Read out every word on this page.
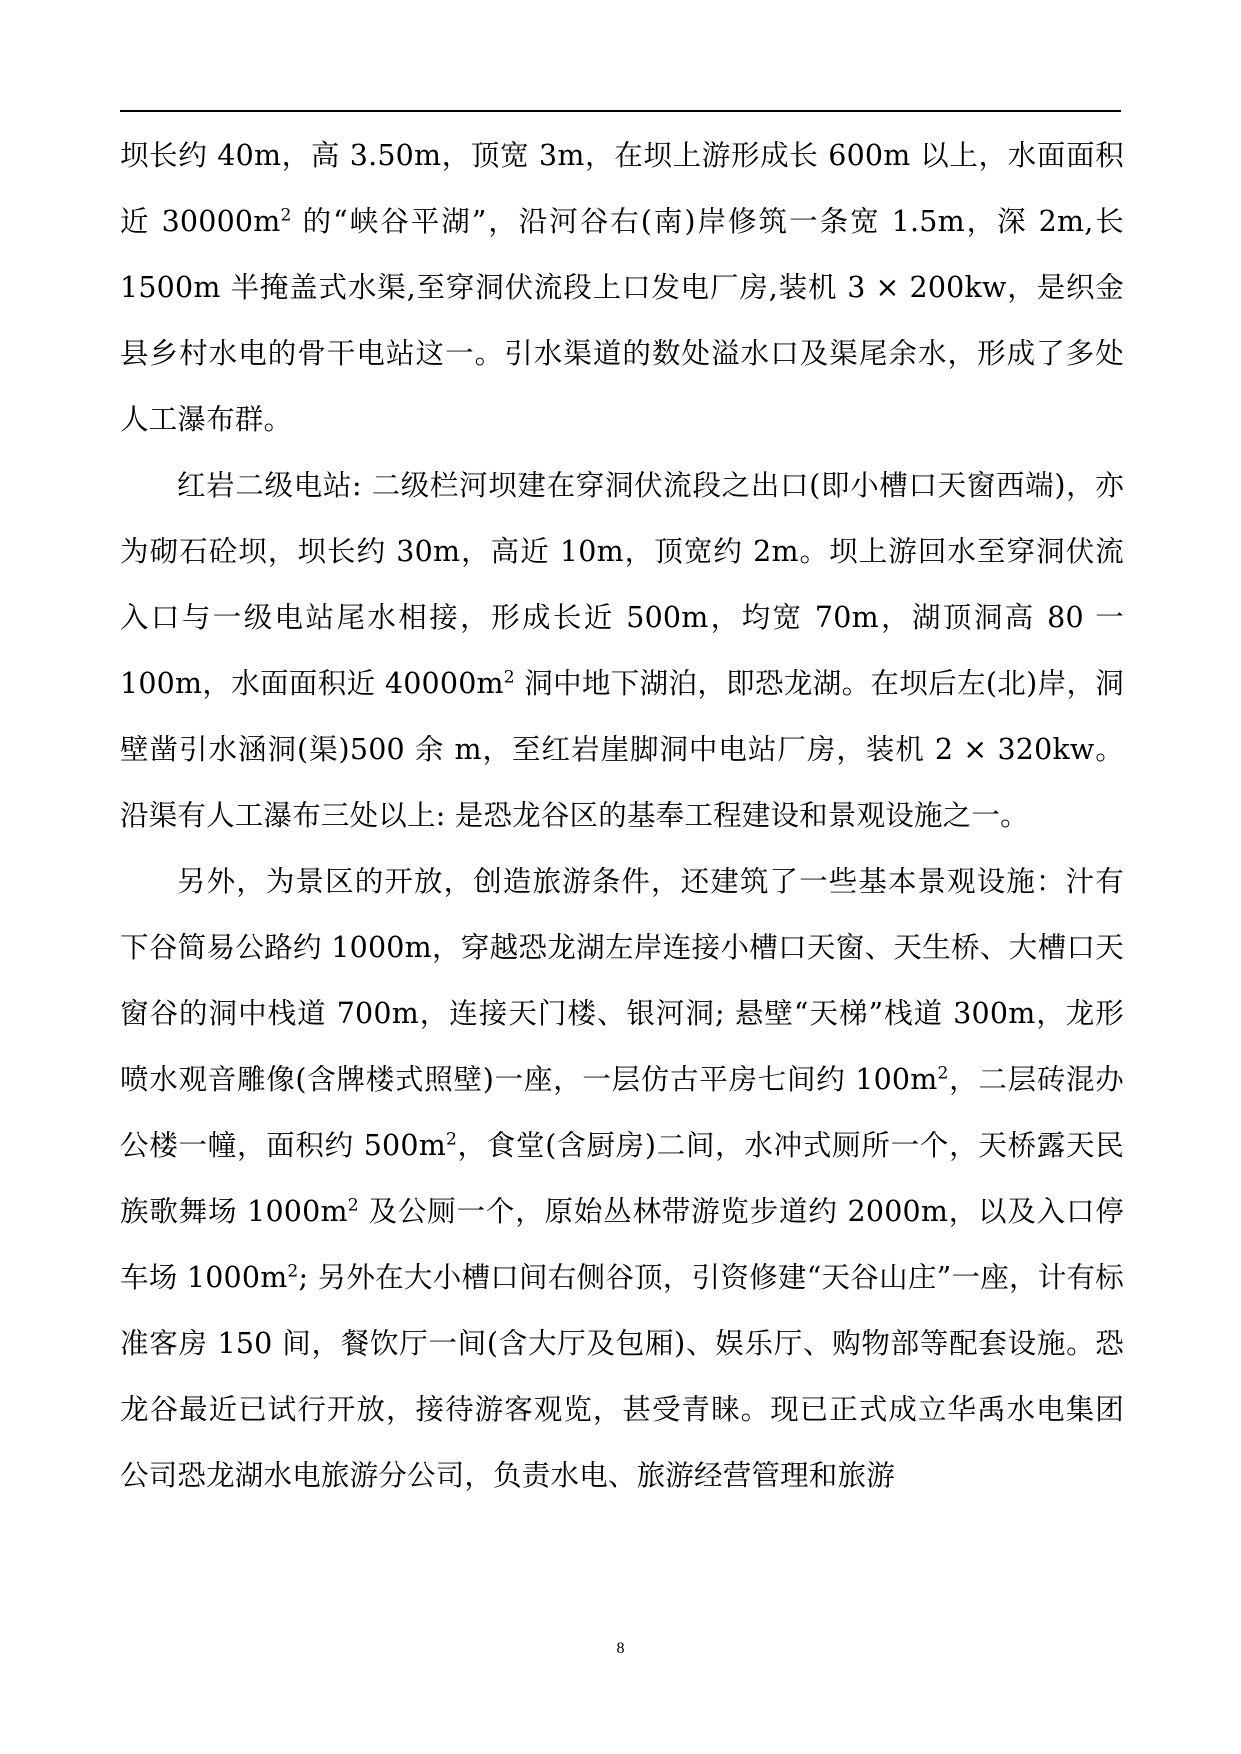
坝长约 40m，高 3.50m，顶宽 3m，在坝上游形成长 600m 以上，水面面积近 $30000m^2$ 的“峡谷平湖”，沿河谷右(南)岸修筑一条宽 1.5m，深 2m,长 1500m 半掩盖式水渠,至穿洞伏流段上口发电厂房,装机 3 × 200kw，是织金县乡村水电的骨干电站这一。引水渠道的数处溢水口及渠尾余水，形成了多处人工瀑布群。

红岩二级电站: 二级栏河坝建在穿洞伏流段之出口(即小槽口天窗西端)，亦为砌石砼坝，坝长约 30m，高近 10m，顶宽约 2m。坝上游回水至穿洞伏流入口与一级电站尾水相接，形成长近 500m，均宽 70m，湖顶洞高 80 一 100m，水面面积近 $40000m^2$ 洞中地下湖泊，即恐龙湖。在坝后左(北)岸，洞壁凿引水涵洞(渠)500 余 m，至红岩崖脚洞中电站厂房，装机 2 × 320kw。沿渠有人工瀑布三处以上: 是恐龙谷区的基奉工程建设和景观设施之一。

另外，为景区的开放，创造旅游条件，还建筑了一些基本景观设施：汁有下谷简易公路约 1000m，穿越恐龙湖左岸连接小槽口天窗、天生桥、大槽口天窗谷的洞中栈道 700m，连接天门楼、银河洞; 悬壁“天梯”栈道 300m，龙形喷水观音雕像(含牌楼式照壁)一座，一层仿古平房七间约 $100m^2$，二层砖混办公楼一幢，面积约 $500m^2$，食堂(含厨房)二间，水冲式厕所一个，天桥露天民族歌舞场 $1000m^2$ 及公厕一个，原始丛林带游览步道约 2000m，以及入口停车场 $1000m^2$; 另外在大小槽口间右侧谷顶，引资修建“天谷山庄”一座，计有标准客房 150 间，餐饮厅一间(含大厅及包厢)、娱乐厅、购物部等配套设施。恐龙谷最近已试行开放，接待游客观览，甚受青睐。现已正式成立华禹水电集团公司恐龙湖水电旅游分公司，负责水电、旅游经营管理和旅游

8
